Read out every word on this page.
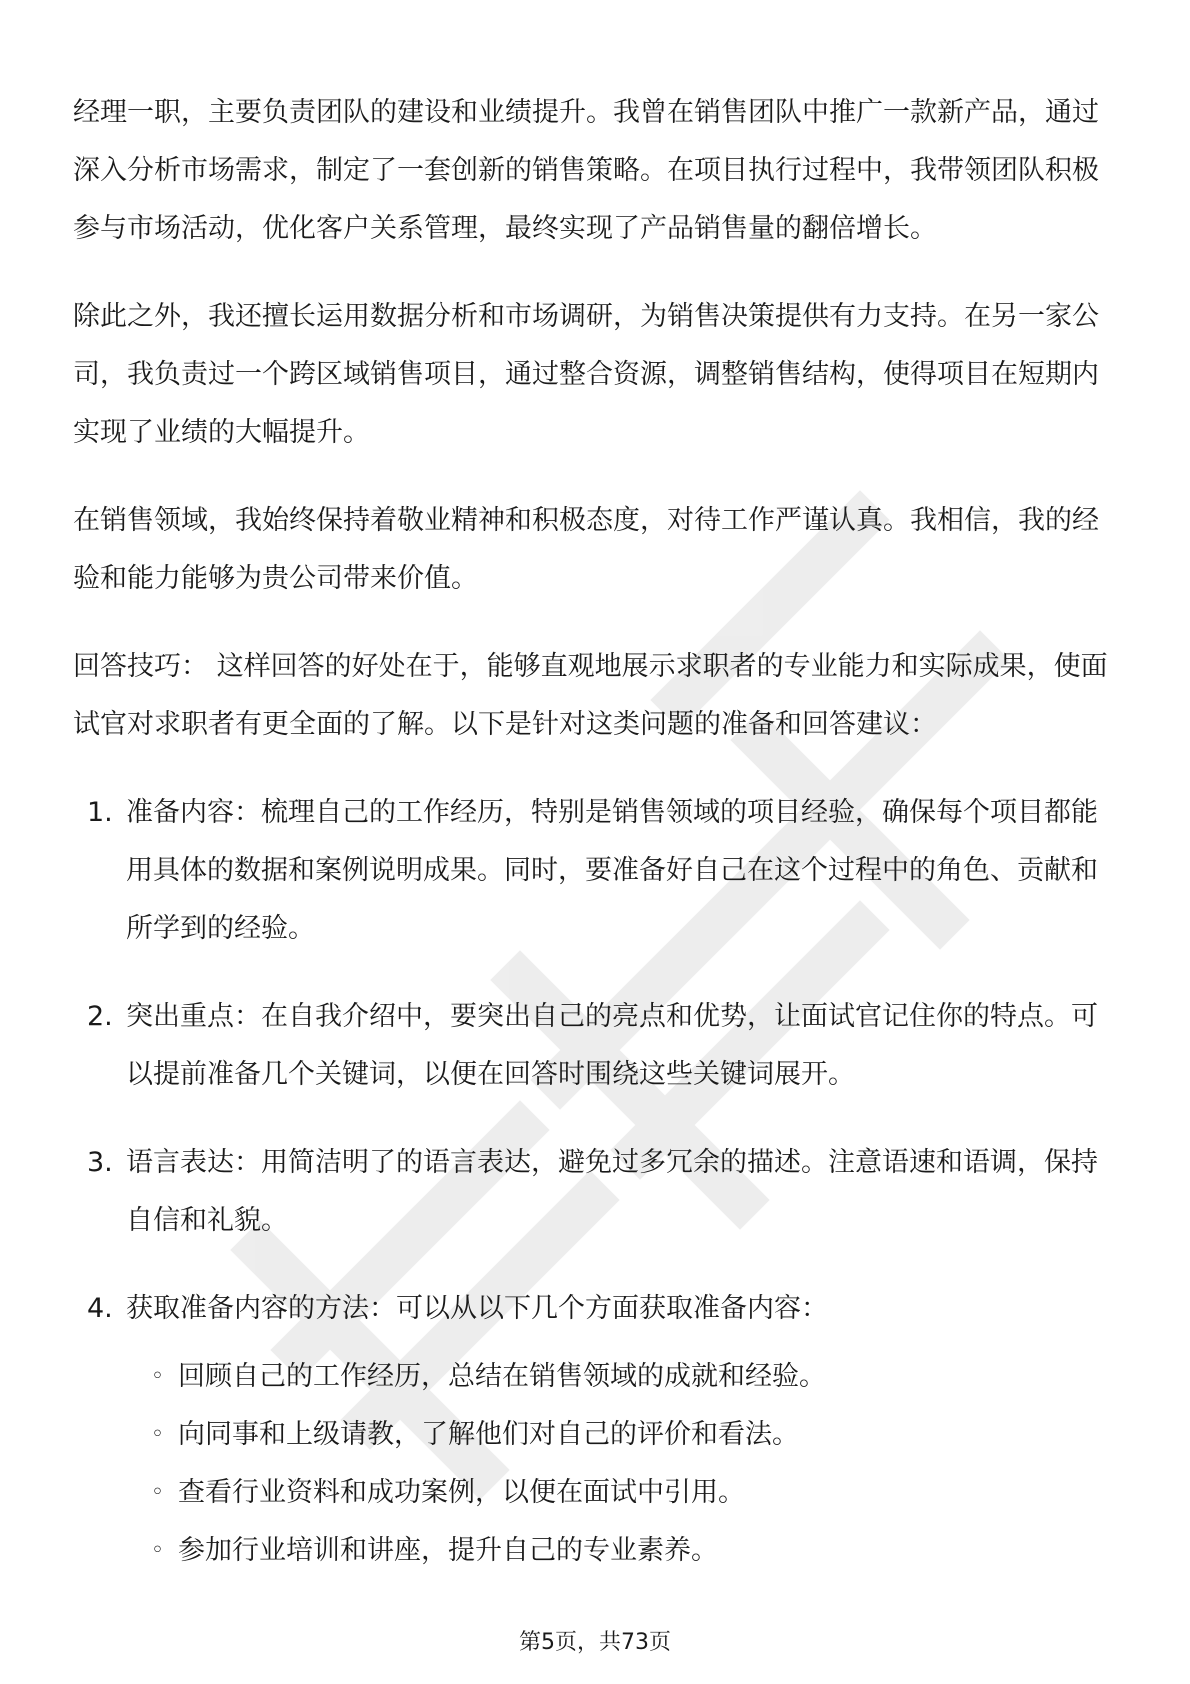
经理一职，主要负责团队的建设和业绩提升。我曾在销售团队中推广一款新产品，通过深入分析市场需求，制定了一套创新的销售策略。在项目执行过程中，我带领团队积极参与市场活动，优化客户关系管理，最终实现了产品销售量的翻倍增长。

除此之外，我还擅长运用数据分析和市场调研，为销售决策提供有力支持。在另一家公司，我负责过一个跨区域销售项目，通过整合资源，调整销售结构，使得项目在短期内实现了业绩的大幅提升。

在销售领域，我始终保持着敬业精神和积极态度，对待工作严谨认真。我相信，我的经验和能力能够为贵公司带来价值。

回答技巧： 这样回答的好处在于，能够直观地展示求职者的专业能力和实际成果，使面试官对求职者有更全面的了解。以下是针对这类问题的准备和回答建议：

1. 准备内容：梳理自己的工作经历，特别是销售领域的项目经验，确保每个项目都能用具体的数据和案例说明成果。同时，要准备好自己在这个过程中的角色、贡献和所学到的经验。
2. 突出重点：在自我介绍中，要突出自己的亮点和优势，让面试官记住你的特点。可以提前准备几个关键词，以便在回答时围绕这些关键词展开。
3. 语言表达：用简洁明了的语言表达，避免过多冗余的描述。注意语速和语调，保持自信和礼貌。
4. 获取准备内容的方法：可以从以下几个方面获取准备内容：
◦ 回顾自己的工作经历，总结在销售领域的成就和经验。
◦ 向同事和上级请教，了解他们对自己的评价和看法。
◦ 查看行业资料和成功案例，以便在面试中引用。
◦ 参加行业培训和讲座，提升自己的专业素养。
第5页，共73页
